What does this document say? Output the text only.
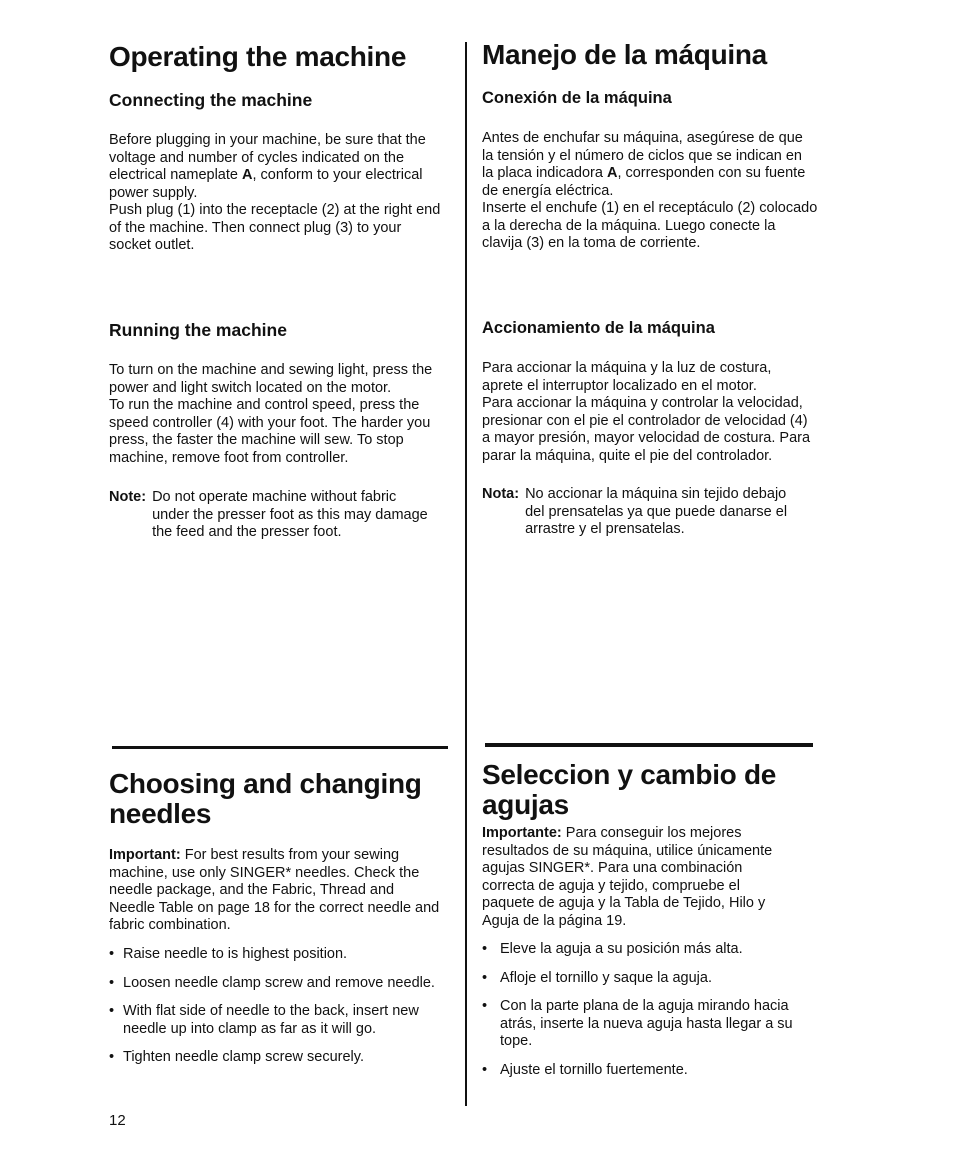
Operating the machine
Connecting the machine

Before plugging in your machine, be sure that the
voltage and number of cycles indicated on the
electrical nameplate A, conform to your electrical
power supply.
Push plug (1) into the receptacle (2) at the right end
of the machine. Then connect plug (3) to your
socket outlet.

Running the machine

To turn on the machine and sewing light, press the
power and light switch located on the motor.
To run the machine and control speed, press the
speed controller (4) with your foot. The harder you
press, the faster the machine will sew. To stop
machine, remove foot from controller.

Note: Do not operate machine without fabric
under the presser foot as this may damage
the feed and the presser foot.
Choosing and changing
needles

Important: For best results from your sewing
machine, use only SINGER* needles. Check the
needle package, and the Fabric, Thread and
Needle Table on page 18 for the correct needle and
fabric combination.

• Raise needle to is highest position.
• Loosen needle clamp screw and remove needle.
• With flat side of needle to the back, insert new
needle up into clamp as far as it will go.
• Tighten needle clamp screw securely.
12
Manejo de la máquina
Conexión de la máquina

Antes de enchufar su máquina, asegúrese de que
la tensión y el número de ciclos que se indican en
la placa indicadora A, corresponden con su fuente
de energía eléctrica.
Inserte el enchufe (1) en el receptáculo (2) colocado
a la derecha de la máquina. Luego conecte la
clavija (3) en la toma de corriente.

Accionamiento de la máquina

Para accionar la máquina y la luz de costura,
aprete el interruptor localizado en el motor.
Para accionar la máquina y controlar la velocidad,
presionar con el pie el controlador de velocidad (4)
a mayor presión, mayor velocidad de costura. Para
parar la máquina, quite el pie del controlador.

Nota: No accionar la máquina sin tejido debajo
del prensatelas ya que puede danarse el
arrastre y el prensatelas.
Seleccion y cambio de
agujas

Importante: Para conseguir los mejores
resultados de su máquina, utilice únicamente
agujas SINGER*. Para una combinación
correcta de aguja y tejido, compruebe el
paquete de aguja y la Tabla de Tejido, Hilo y
Aguja de la página 19.

• Eleve la aguja a su posición más alta.
• Afloje el tornillo y saque la aguja.
• Con la parte plana de la aguja mirando hacia
atrás, inserte la nueva aguja hasta llegar a su
tope.
• Ajuste el tornillo fuertemente.
